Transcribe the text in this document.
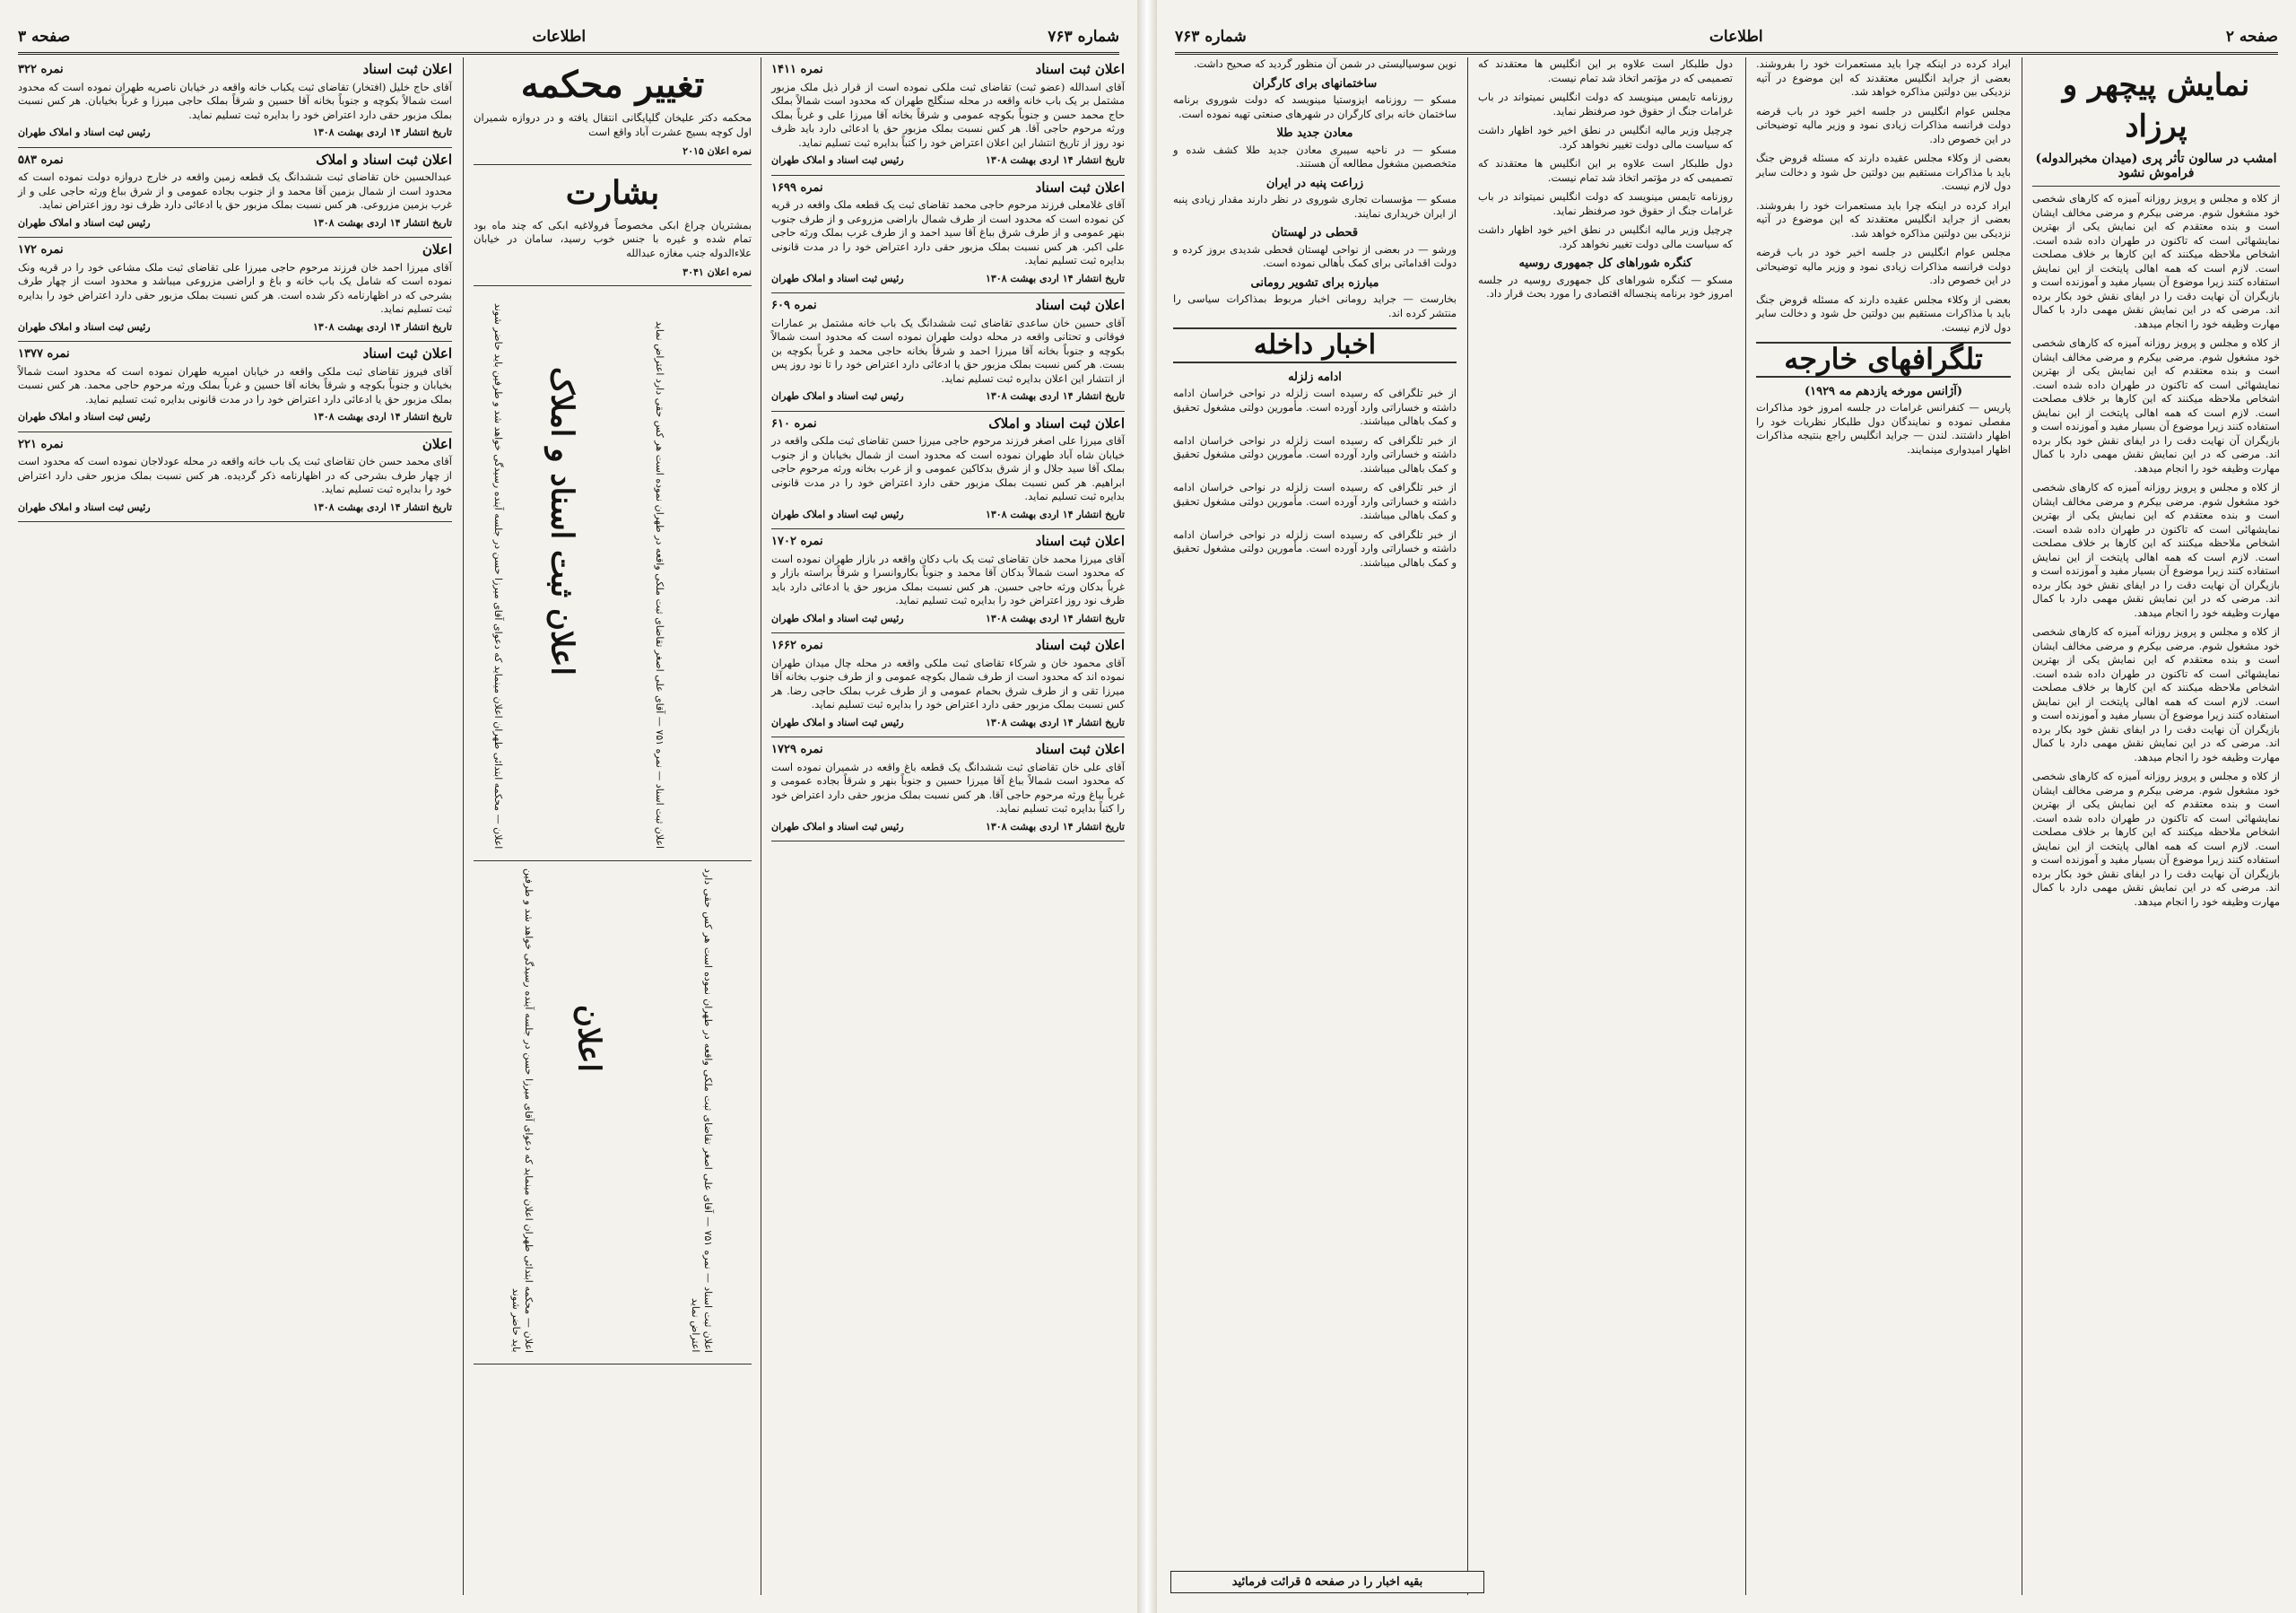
شماره ۷۶۳
اطلاعات
صفحه ۳
اعلان ثبت اسناد
نمره ۱۴۱۱

آقای اسدالله (عضو ثبت) تقاضای ثبت ملکی نموده است از قرار ذیل ملک مزبور مشتمل بر یک باب خانه واقعه در محله سنگلج طهران که محدود است شمالاً بملک حاج محمد حسن و جنوباً بکوچه عمومی و شرقاً بخانه آقا میرزا علی و غرباً بملک ورثه مرحوم حاجی آقا. هر کس نسبت بملک مزبور حق یا ادعائی دارد باید ظرف نود روز از تاریخ انتشار این اعلان اعتراض خود را کتباً بدایره ثبت تسلیم نماید.

تاریخ انتشار ۱۴ اردی بهشت ۱۳۰۸
رئیس ثبت اسناد و املاک طهران
اعلان ثبت اسناد
نمره ۱۶۹۹

آقای غلامعلی فرزند مرحوم حاجی محمد تقاضای ثبت یک قطعه ملک واقعه در قریه کن نموده است که محدود است از طرف شمال باراضی مزروعی و از طرف جنوب بنهر عمومی و از طرف شرق بباغ آقا سید احمد و از طرف غرب بملک ورثه حاجی علی اکبر. هر کس نسبت بملک مزبور حقی دارد اعتراض خود را در مدت قانونی بدایره ثبت تسلیم نماید.

تاریخ انتشار ۱۴ اردی بهشت ۱۳۰۸
رئیس ثبت اسناد و املاک طهران
اعلان ثبت اسناد
نمره ۶۰۹

آقای حسین خان ساعدی تقاضای ثبت ششدانگ یک باب خانه مشتمل بر عمارات فوقانی و تحتانی واقعه در محله دولت طهران نموده است که محدود است شمالاً بکوچه و جنوباً بخانه آقا میرزا احمد و شرقاً بخانه حاجی محمد و غرباً بکوچه بن بست. هر کس نسبت بملک مزبور حق یا ادعائی دارد اعتراض خود را تا نود روز پس از انتشار این اعلان بدایره ثبت تسلیم نماید.

تاریخ انتشار ۱۴ اردی بهشت ۱۳۰۸
رئیس ثبت اسناد و املاک طهران
اعلان ثبت اسناد و املاک
نمره ۶۱۰

آقای میرزا علی اصغر فرزند مرحوم حاجی میرزا حسن تقاضای ثبت ملکی واقعه در خیابان شاه آباد طهران نموده است که محدود است از شمال بخیابان و از جنوب بملک آقا سید جلال و از شرق بدکاکین عمومی و از غرب بخانه ورثه مرحوم حاجی ابراهیم. هر کس نسبت بملک مزبور حقی دارد اعتراض خود را در مدت قانونی بدایره ثبت تسلیم نماید.

تاریخ انتشار ۱۴ اردی بهشت ۱۳۰۸
رئیس ثبت اسناد و املاک طهران
اعلان ثبت اسناد
نمره ۱۷۰۲

آقای میرزا محمد خان تقاضای ثبت یک باب دکان واقعه در بازار طهران نموده است که محدود است شمالاً بدکان آقا محمد و جنوباً بکاروانسرا و شرقاً براسته بازار و غرباً بدکان ورثه حاجی حسین. هر کس نسبت بملک مزبور حق یا ادعائی دارد باید ظرف نود روز اعتراض خود را بدایره ثبت تسلیم نماید.

تاریخ انتشار ۱۴ اردی بهشت ۱۳۰۸
رئیس ثبت اسناد و املاک طهران
اعلان ثبت اسناد
نمره ۱۶۶۲

آقای محمود خان و شرکاء تقاضای ثبت ملکی واقعه در محله چال میدان طهران نموده اند که محدود است از طرف شمال بکوچه عمومی و از طرف جنوب بخانه آقا میرزا تقی و از طرف شرق بحمام عمومی و از طرف غرب بملک حاجی رضا. هر کس نسبت بملک مزبور حقی دارد اعتراض خود را بدایره ثبت تسلیم نماید.

تاریخ انتشار ۱۴ اردی بهشت ۱۳۰۸
رئیس ثبت اسناد و املاک طهران
اعلان ثبت اسناد
نمره ۱۷۲۹

آقای علی خان تقاضای ثبت ششدانگ یک قطعه باغ واقعه در شمیران نموده است که محدود است شمالاً بباغ آقا میرزا حسین و جنوباً بنهر و شرقاً بجاده عمومی و غرباً بباغ ورثه مرحوم حاجی آقا. هر کس نسبت بملک مزبور حقی دارد اعتراض خود را کتباً بدایره ثبت تسلیم نماید.

تاریخ انتشار ۱۴ اردی بهشت ۱۳۰۸
رئیس ثبت اسناد و املاک طهران
تغییر محکمه

محکمه دکتر علیخان گلپایگانی انتقال یافته و در دروازه شمیران اول کوچه بسیج عشرت آباد واقع است

نمره اعلان ۲۰۱۵
بشارت

بمشتریان چراغ ابکی مخصوصاً فرولاغیه ابکی که چند ماه بود تمام شده و غیره با جنس خوب رسید، سامان در خیابان علاءالدوله جنب مغازه عبدالله

نمره اعلان ۳۰۴۱
اعلان ثبت اسناد — نمره ۷۵۱ — آقای علی اصغر تقاضای ثبت ملکی واقعه در طهران نموده است هر کس حقی دارد اعتراض نماید
اعلان ثبت اسناد و املاک
اعلان — محکمه ابتدائی طهران اعلان مینماید که دعوای آقای میرزا حسن در جلسه آینده رسیدگی خواهد شد و طرفین باید حاضر شوند
اعلان
اعلان — محکمه ابتدائی طهران اعلان مینماید که دعوای آقای میرزا حسن در جلسه آینده رسیدگی خواهد شد و طرفین باید حاضر شوند
اعلان ثبت اسناد — نمره ۷۵۱ — آقای علی اصغر تقاضای ثبت ملکی واقعه در طهران نموده است هر کس حقی دارد اعتراض نماید
اعلان ثبت اسناد
نمره ۳۲۲

آقای حاج خلیل (افتخار) تقاضای ثبت یکباب خانه واقعه در خیابان ناصریه طهران نموده است که محدود است شمالاً بکوچه و جنوباً بخانه آقا حسین و شرقاً بملک حاجی میرزا و غرباً بخیابان. هر کس نسبت بملک مزبور حقی دارد اعتراض خود را بدایره ثبت تسلیم نماید.

تاریخ انتشار ۱۴ اردی بهشت ۱۳۰۸
رئیس ثبت اسناد و املاک طهران
اعلان ثبت اسناد و املاک
نمره ۵۸۳

عبدالحسین خان تقاضای ثبت ششدانگ یک قطعه زمین واقعه در خارج دروازه دولت نموده است که محدود است از شمال بزمین آقا محمد و از جنوب بجاده عمومی و از شرق بباغ ورثه حاجی علی و از غرب بزمین مزروعی. هر کس نسبت بملک مزبور حق یا ادعائی دارد ظرف نود روز اعتراض نماید.

تاریخ انتشار ۱۴ اردی بهشت ۱۳۰۸
رئیس ثبت اسناد و املاک طهران
اعلان
نمره ۱۷۲

آقای میرزا احمد خان فرزند مرحوم حاجی میرزا علی تقاضای ثبت ملک مشاعی خود را در قریه ونک نموده است که شامل یک باب خانه و باغ و اراضی مزروعی میباشد و محدود است از چهار طرف بشرحی که در اظهارنامه ذکر شده است. هر کس نسبت بملک مزبور حقی دارد اعتراض خود را بدایره ثبت تسلیم نماید.

تاریخ انتشار ۱۴ اردی بهشت ۱۳۰۸
رئیس ثبت اسناد و املاک طهران
اعلان ثبت اسناد
نمره ۱۳۷۷

آقای فیروز تقاضای ثبت ملکی واقعه در خیابان امیریه طهران نموده است که محدود است شمالاً بخیابان و جنوباً بکوچه و شرقاً بخانه آقا حسین و غرباً بملک ورثه مرحوم حاجی محمد. هر کس نسبت بملک مزبور حق یا ادعائی دارد اعتراض خود را در مدت قانونی بدایره ثبت تسلیم نماید.

تاریخ انتشار ۱۴ اردی بهشت ۱۳۰۸
رئیس ثبت اسناد و املاک طهران
اعلان
نمره ۲۲۱

آقای محمد حسن خان تقاضای ثبت یک باب خانه واقعه در محله عودلاجان نموده است که محدود است از چهار طرف بشرحی که در اظهارنامه ذکر گردیده. هر کس نسبت بملک مزبور حقی دارد اعتراض خود را بدایره ثبت تسلیم نماید.

تاریخ انتشار ۱۴ اردی بهشت ۱۳۰۸
رئیس ثبت اسناد و املاک طهران
صفحه ۲
اطلاعات
شماره ۷۶۳
نمایش پیچهر و پرزاد
امشب در سالون تأثر پری (میدان مخبرالدوله) فراموش نشود

از کلاه و مجلس و پرویز روزانه آمیزه که کارهای شخصی خود مشغول شوم. مرضی بیکرم و مرضی مخالف ایشان است و بنده معتقدم که این نمایش یکی از بهترین نمایشهائی است که تاکنون در طهران داده شده است. اشخاص ملاحظه میکنند که این کارها بر خلاف مصلحت است. لازم است که همه اهالی پایتخت از این نمایش استفاده کنند زیرا موضوع آن بسیار مفید و آموزنده است و بازیگران آن نهایت دقت را در ایفای نقش خود بکار برده اند. مرضی که در این نمایش نقش مهمی دارد با کمال مهارت وظیفه خود را انجام میدهد.

از کلاه و مجلس و پرویز روزانه آمیزه که کارهای شخصی خود مشغول شوم. مرضی بیکرم و مرضی مخالف ایشان است و بنده معتقدم که این نمایش یکی از بهترین نمایشهائی است که تاکنون در طهران داده شده است. اشخاص ملاحظه میکنند که این کارها بر خلاف مصلحت است. لازم است که همه اهالی پایتخت از این نمایش استفاده کنند زیرا موضوع آن بسیار مفید و آموزنده است و بازیگران آن نهایت دقت را در ایفای نقش خود بکار برده اند. مرضی که در این نمایش نقش مهمی دارد با کمال مهارت وظیفه خود را انجام میدهد.

از کلاه و مجلس و پرویز روزانه آمیزه که کارهای شخصی خود مشغول شوم. مرضی بیکرم و مرضی مخالف ایشان است و بنده معتقدم که این نمایش یکی از بهترین نمایشهائی است که تاکنون در طهران داده شده است. اشخاص ملاحظه میکنند که این کارها بر خلاف مصلحت است. لازم است که همه اهالی پایتخت از این نمایش استفاده کنند زیرا موضوع آن بسیار مفید و آموزنده است و بازیگران آن نهایت دقت را در ایفای نقش خود بکار برده اند. مرضی که در این نمایش نقش مهمی دارد با کمال مهارت وظیفه خود را انجام میدهد.

از کلاه و مجلس و پرویز روزانه آمیزه که کارهای شخصی خود مشغول شوم. مرضی بیکرم و مرضی مخالف ایشان است و بنده معتقدم که این نمایش یکی از بهترین نمایشهائی است که تاکنون در طهران داده شده است. اشخاص ملاحظه میکنند که این کارها بر خلاف مصلحت است. لازم است که همه اهالی پایتخت از این نمایش استفاده کنند زیرا موضوع آن بسیار مفید و آموزنده است و بازیگران آن نهایت دقت را در ایفای نقش خود بکار برده اند. مرضی که در این نمایش نقش مهمی دارد با کمال مهارت وظیفه خود را انجام میدهد.

از کلاه و مجلس و پرویز روزانه آمیزه که کارهای شخصی خود مشغول شوم. مرضی بیکرم و مرضی مخالف ایشان است و بنده معتقدم که این نمایش یکی از بهترین نمایشهائی است که تاکنون در طهران داده شده است. اشخاص ملاحظه میکنند که این کارها بر خلاف مصلحت است. لازم است که همه اهالی پایتخت از این نمایش استفاده کنند زیرا موضوع آن بسیار مفید و آموزنده است و بازیگران آن نهایت دقت را در ایفای نقش خود بکار برده اند. مرضی که در این نمایش نقش مهمی دارد با کمال مهارت وظیفه خود را انجام میدهد.

ایراد کرده در اینکه چرا باید مستعمرات خود را بفروشند. بعضی از جراید انگلیس معتقدند که این موضوع در آتیه نزدیکی بین دولتین مذاکره خواهد شد.

مجلس عوام انگلیس در جلسه اخیر خود در باب قرضه دولت فرانسه مذاکرات زیادی نمود و وزیر مالیه توضیحاتی در این خصوص داد.

بعضی از وکلاء مجلس عقیده دارند که مسئله قروض جنگ باید با مذاکرات مستقیم بین دولتین حل شود و دخالت سایر دول لازم نیست.

ایراد کرده در اینکه چرا باید مستعمرات خود را بفروشند. بعضی از جراید انگلیس معتقدند که این موضوع در آتیه نزدیکی بین دولتین مذاکره خواهد شد.

مجلس عوام انگلیس در جلسه اخیر خود در باب قرضه دولت فرانسه مذاکرات زیادی نمود و وزیر مالیه توضیحاتی در این خصوص داد.

بعضی از وکلاء مجلس عقیده دارند که مسئله قروض جنگ باید با مذاکرات مستقیم بین دولتین حل شود و دخالت سایر دول لازم نیست.

تلگرافهای خارجه
(آژانس مورخه یازدهم مه ۱۹۲۹)

پاریس — کنفرانس غرامات در جلسه امروز خود مذاکرات مفصلی نموده و نمایندگان دول طلبکار نظریات خود را اظهار داشتند. لندن — جراید انگلیس راجع بنتیجه مذاکرات اظهار امیدواری مینمایند.

دول طلبکار است علاوه بر این انگلیس ها معتقدند که تصمیمی که در مؤتمر اتخاذ شد تمام نیست.

روزنامه تایمس مینویسد که دولت انگلیس نمیتواند در باب غرامات جنگ از حقوق خود صرفنظر نماید.

چرچیل وزیر مالیه انگلیس در نطق اخیر خود اظهار داشت که سیاست مالی دولت تغییر نخواهد کرد.

دول طلبکار است علاوه بر این انگلیس ها معتقدند که تصمیمی که در مؤتمر اتخاذ شد تمام نیست.

روزنامه تایمس مینویسد که دولت انگلیس نمیتواند در باب غرامات جنگ از حقوق خود صرفنظر نماید.

چرچیل وزیر مالیه انگلیس در نطق اخیر خود اظهار داشت که سیاست مالی دولت تغییر نخواهد کرد.

کنگره شوراهای کل جمهوری روسیه

مسکو — کنگره شوراهای کل جمهوری روسیه در جلسه امروز خود برنامه پنجساله اقتصادی را مورد بحث قرار داد.

نوین سوسیالیستی در شمن آن منظور گردید که صحیح داشت.

ساختمانهای برای کارگران

مسکو — روزنامه ایزوستیا مینویسد که دولت شوروی برنامه ساختمان خانه برای کارگران در شهرهای صنعتی تهیه نموده است.

معادن جدید طلا

مسکو — در ناحیه سیبری معادن جدید طلا کشف شده و متخصصین مشغول مطالعه آن هستند.

زراعت پنبه در ایران

مسکو — مؤسسات تجاری شوروی در نظر دارند مقدار زیادی پنبه از ایران خریداری نمایند.

قحطی در لهستان

ورشو — در بعضی از نواحی لهستان قحطی شدیدی بروز کرده و دولت اقداماتی برای کمک بأهالی نموده است.

مبارزه برای تشویر رومانی

بخارست — جراید رومانی اخبار مربوط بمذاکرات سیاسی را منتشر کرده اند.

اخبار داخله
ادامه زلزله

از خبر تلگرافی که رسیده است زلزله در نواحی خراسان ادامه داشته و خساراتی وارد آورده است. مأمورین دولتی مشغول تحقیق و کمک باهالی میباشند.

از خبر تلگرافی که رسیده است زلزله در نواحی خراسان ادامه داشته و خساراتی وارد آورده است. مأمورین دولتی مشغول تحقیق و کمک باهالی میباشند.

از خبر تلگرافی که رسیده است زلزله در نواحی خراسان ادامه داشته و خساراتی وارد آورده است. مأمورین دولتی مشغول تحقیق و کمک باهالی میباشند.

از خبر تلگرافی که رسیده است زلزله در نواحی خراسان ادامه داشته و خساراتی وارد آورده است. مأمورین دولتی مشغول تحقیق و کمک باهالی میباشند.

بقیه اخبار را در صفحه ۵ قرائت فرمائید
